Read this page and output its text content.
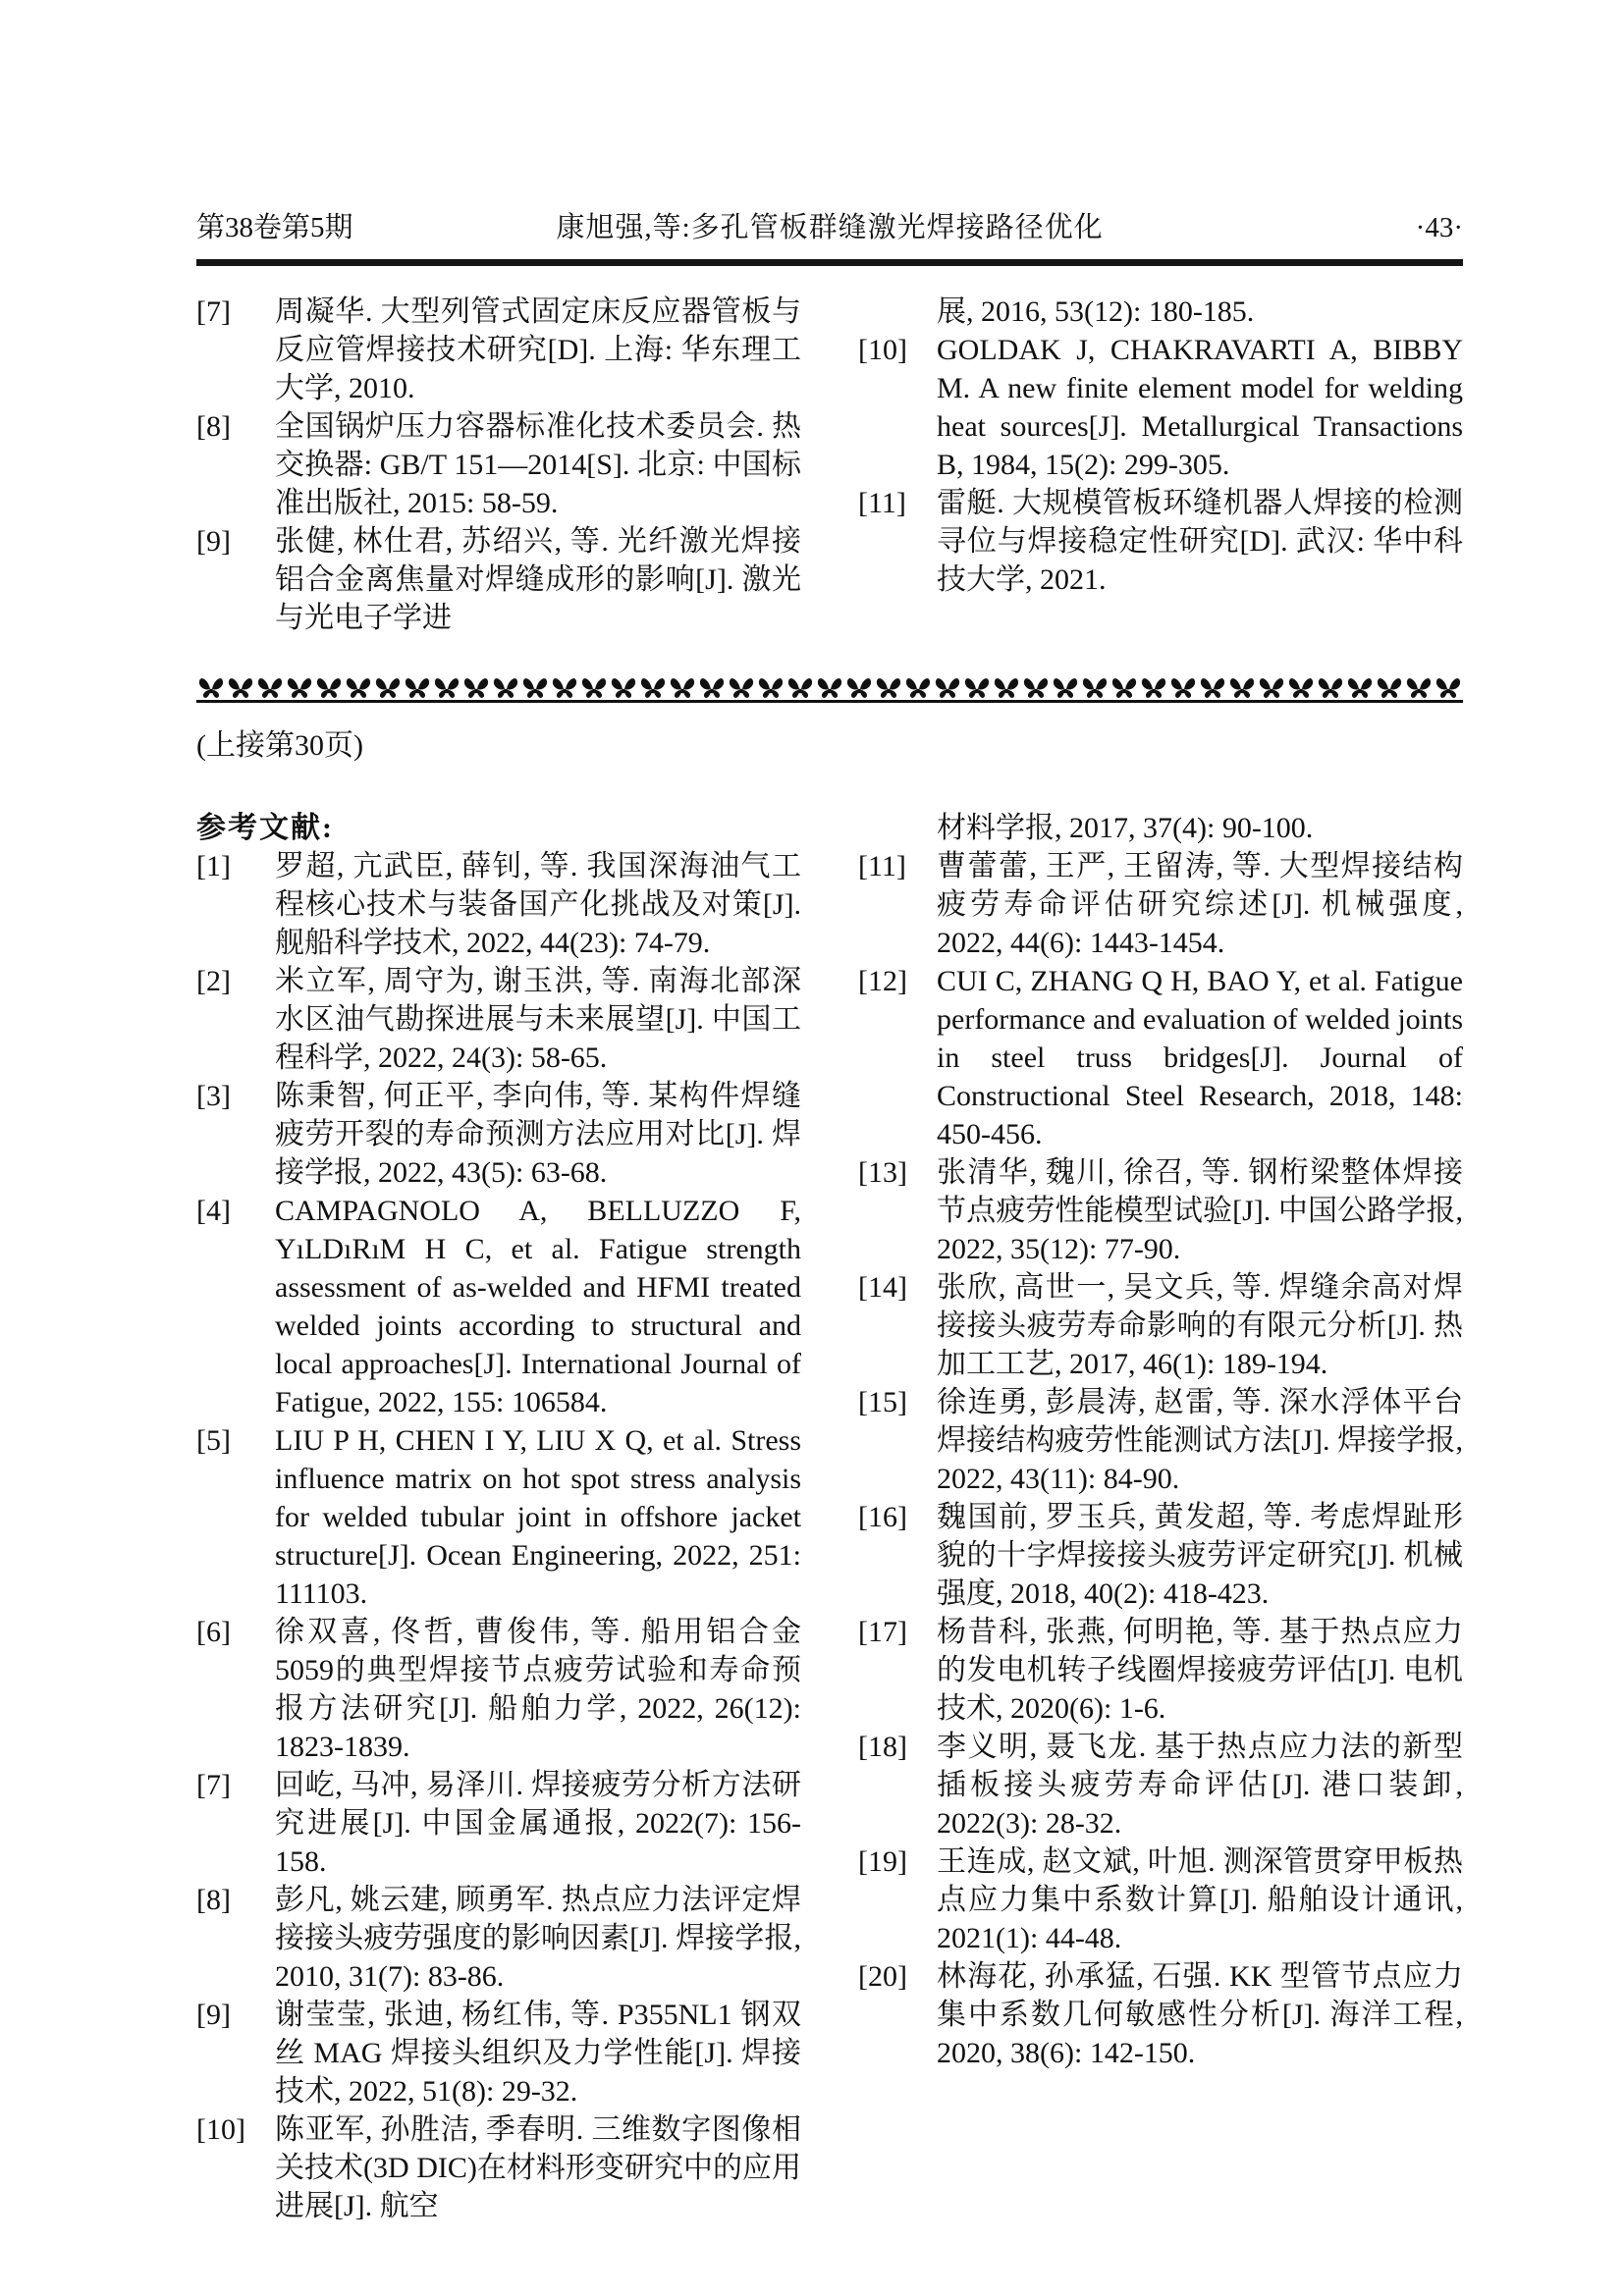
第38卷第5期	康旭强,等:多孔管板群缝激光焊接路径优化	·43·
[7]	周凝华. 大型列管式固定床反应器管板与反应管焊接技术研究[D]. 上海: 华东理工大学, 2010.
[8]	全国锅炉压力容器标准化技术委员会. 热交换器: GB/T 151—2014[S]. 北京: 中国标准出版社, 2015: 58-59.
[9]	张健, 林仕君, 苏绍兴, 等. 光纤激光焊接铝合金离焦量对焊缝成形的影响[J]. 激光与光电子学进
展, 2016, 53(12): 180-185.
[10]	GOLDAK J, CHAKRAVARTI A, BIBBY M. A new finite element model for welding heat sources[J]. Metallurgical Transactions B, 1984, 15(2): 299-305.
[11]	雷艇. 大规模管板环缝机器人焊接的检测寻位与焊接稳定性研究[D]. 武汉: 华中科技大学, 2021.
(上接第30页)
参考文献:
[1]	罗超, 亢武臣, 薛钊, 等. 我国深海油气工程核心技术与装备国产化挑战及对策[J]. 舰船科学技术, 2022, 44(23): 74-79.
[2]	米立军, 周守为, 谢玉洪, 等. 南海北部深水区油气勘探进展与未来展望[J]. 中国工程科学, 2022, 24(3): 58-65.
[3]	陈秉智, 何正平, 李向伟, 等. 某构件焊缝疲劳开裂的寿命预测方法应用对比[J]. 焊接学报, 2022, 43(5): 63-68.
[4]	CAMPAGNOLO A, BELLUZZO F, YıLDıRıM H C, et al. Fatigue strength assessment of as-welded and HFMI treated welded joints according to structural and local approaches[J]. International Journal of Fatigue, 2022, 155: 106584.
[5]	LIU P H, CHEN I Y, LIU X Q, et al. Stress influence matrix on hot spot stress analysis for welded tubular joint in offshore jacket structure[J]. Ocean Engineering, 2022, 251: 111103.
[6]	徐双喜, 佟哲, 曹俊伟, 等. 船用铝合金5059的典型焊接节点疲劳试验和寿命预报方法研究[J]. 船舶力学, 2022, 26(12): 1823-1839.
[7]	回屹, 马冲, 易泽川. 焊接疲劳分析方法研究进展[J]. 中国金属通报, 2022(7): 156-158.
[8]	彭凡, 姚云建, 顾勇军. 热点应力法评定焊接接头疲劳强度的影响因素[J]. 焊接学报, 2010, 31(7): 83-86.
[9]	谢莹莹, 张迪, 杨红伟, 等. P355NL1 钢双丝 MAG 焊接头组织及力学性能[J]. 焊接技术, 2022, 51(8): 29-32.
[10]	陈亚军, 孙胜洁, 季春明. 三维数字图像相关技术(3D DIC)在材料形变研究中的应用进展[J]. 航空
材料学报, 2017, 37(4): 90-100.
[11]	曹蕾蕾, 王严, 王留涛, 等. 大型焊接结构疲劳寿命评估研究综述[J]. 机械强度, 2022, 44(6): 1443-1454.
[12]	CUI C, ZHANG Q H, BAO Y, et al. Fatigue performance and evaluation of welded joints in steel truss bridges[J]. Journal of Constructional Steel Research, 2018, 148: 450-456.
[13]	张清华, 魏川, 徐召, 等. 钢桁梁整体焊接节点疲劳性能模型试验[J]. 中国公路学报, 2022, 35(12): 77-90.
[14]	张欣, 高世一, 吴文兵, 等. 焊缝余高对焊接接头疲劳寿命影响的有限元分析[J]. 热加工工艺, 2017, 46(1): 189-194.
[15]	徐连勇, 彭晨涛, 赵雷, 等. 深水浮体平台焊接结构疲劳性能测试方法[J]. 焊接学报, 2022, 43(11): 84-90.
[16]	魏国前, 罗玉兵, 黄发超, 等. 考虑焊趾形貌的十字焊接接头疲劳评定研究[J]. 机械强度, 2018, 40(2): 418-423.
[17]	杨昔科, 张燕, 何明艳, 等. 基于热点应力的发电机转子线圈焊接疲劳评估[J]. 电机技术, 2020(6): 1-6.
[18]	李义明, 聂飞龙. 基于热点应力法的新型插板接头疲劳寿命评估[J]. 港口装卸, 2022(3): 28-32.
[19]	王连成, 赵文斌, 叶旭. 测深管贯穿甲板热点应力集中系数计算[J]. 船舶设计通讯, 2021(1): 44-48.
[20]	林海花, 孙承猛, 石强. KK 型管节点应力集中系数几何敏感性分析[J]. 海洋工程, 2020, 38(6): 142-150.
